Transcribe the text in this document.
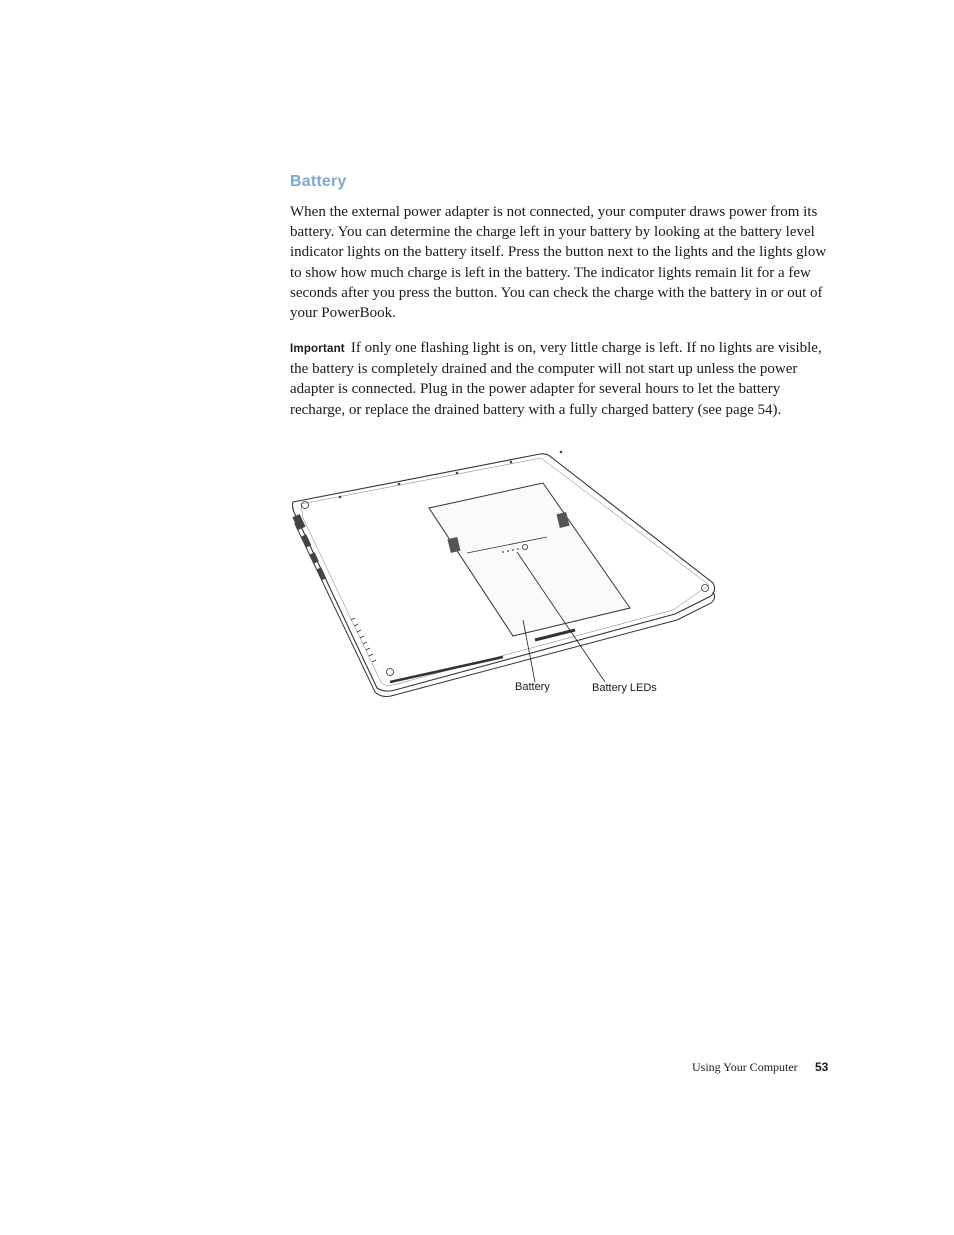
Battery

When the external power adapter is not connected, your computer draws power from its battery. You can determine the charge left in your battery by looking at the battery level indicator lights on the battery itself. Press the button next to the lights and the lights glow to show how much charge is left in the battery. The indicator lights remain lit for a few seconds after you press the button. You can check the charge with the battery in or out of your PowerBook.

Important If only one flashing light is on, very little charge is left. If no lights are visible, the battery is completely drained and the computer will not start up unless the power adapter is connected. Plug in the power adapter for several hours to let the battery recharge, or replace the drained battery with a fully charged battery (see page 54).

Battery	Battery LEDs
Using Your Computer 53
